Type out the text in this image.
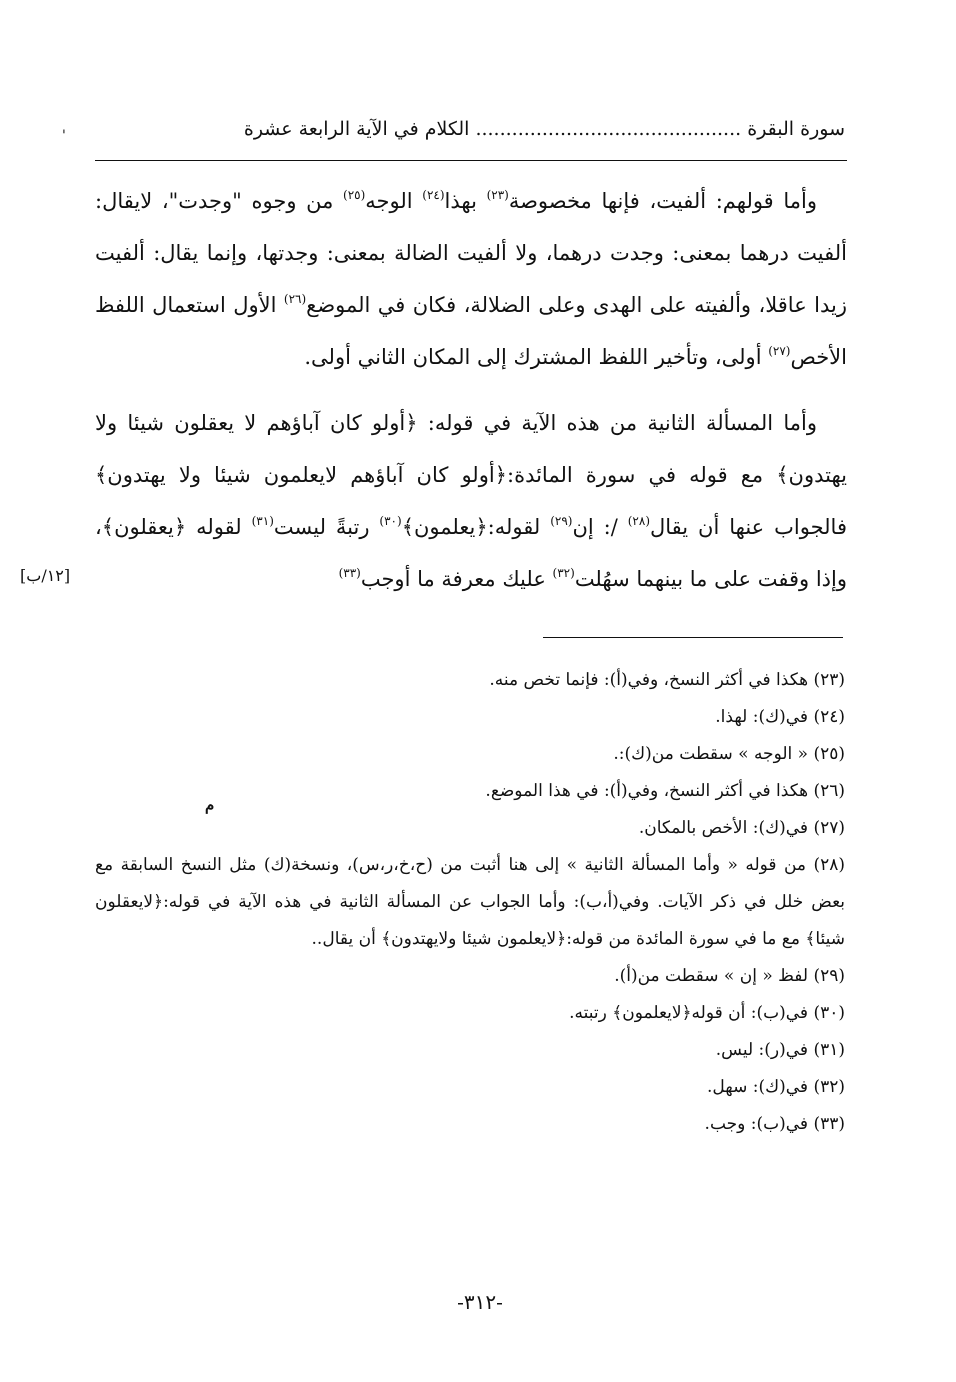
'	سورة البقرة ............................................ الكلام في الآية الرابعة عشرة

وأما قولهم: ألفيت، فإنها مخصوصة$^{(٢٣)}$ بهذا$^{(٢٤)}$ الوجه$^{(٢٥)}$ من وجوه "وجدت"، لايقال: ألفيت درهما بمعنى: وجدت درهما، ولا ألفيت الضالة بمعنى: وجدتها، وإنما يقال: ألفيت زيدا عاقلا، وألفيته على الهدى وعلى الضلالة، فكان في الموضع$^{(٢٦)}$ الأول استعمال اللفظ الأخص$^{(٢٧)}$ أولى، وتأخير اللفظ المشترك إلى المكان الثاني أولى.

وأما المسألة الثانية من هذه الآية في قوله: ﴿أولو كان آباؤهم لا يعقلون شيئا ولا يهتدون﴾ مع قوله في سورة المائدة:﴿أولو كان آباؤهم لايعلمون شيئا ولا يهتدون﴾ فالجواب عنها أن يقال$^{(٢٨)}$ /: إن$^{(٢٩)}$ لقوله:﴿يعلمون﴾$^{(٣٠)}$ رتبةً ليست$^{(٣١)}$ لقوله ﴿يعقلون﴾، وإذا وقفت على ما بينهما سهُلت$^{(٣٢)}$ عليك معرفة ما أوجب$^{(٣٣)}$

[١٢/ب]

(٢٣) هكذا في أكثر النسخ، وفي(أ): فإنما تخص منه.

(٢٤) في(ك): لهذا.

(٢٥) « الوجه » سقطت من(ك):.

(٢٦) هكذا في أكثر النسخ، وفي(أ): في هذا الموضع.

(٢٧) في(ك): الأخص بالمكان.

(٢٨) من قوله « وأما المسألة الثانية » إلى هنا أثبت من (ح،خ،ر،س)، ونسخة(ك) مثل النسخ السابقة مع بعض خلل في ذكر الآيات. وفي(أ،ب): وأما الجواب عن المسألة الثانية في هذه الآية في قوله:﴿لايعقلون شيئا﴾ مع ما في سورة المائدة من قوله:﴿لايعلمون شيئا ولايهتدون﴾ أن يقال..

(٢٩) لفظ « إن » سقطت من(أ).

(٣٠) في(ب): أن قوله﴿لايعلمون﴾ رتبته.

(٣١) في(ر): ليس.

(٣٢) في(ك): سهل.

(٣٣) في(ب): وجب.

م
-٣١٢-
